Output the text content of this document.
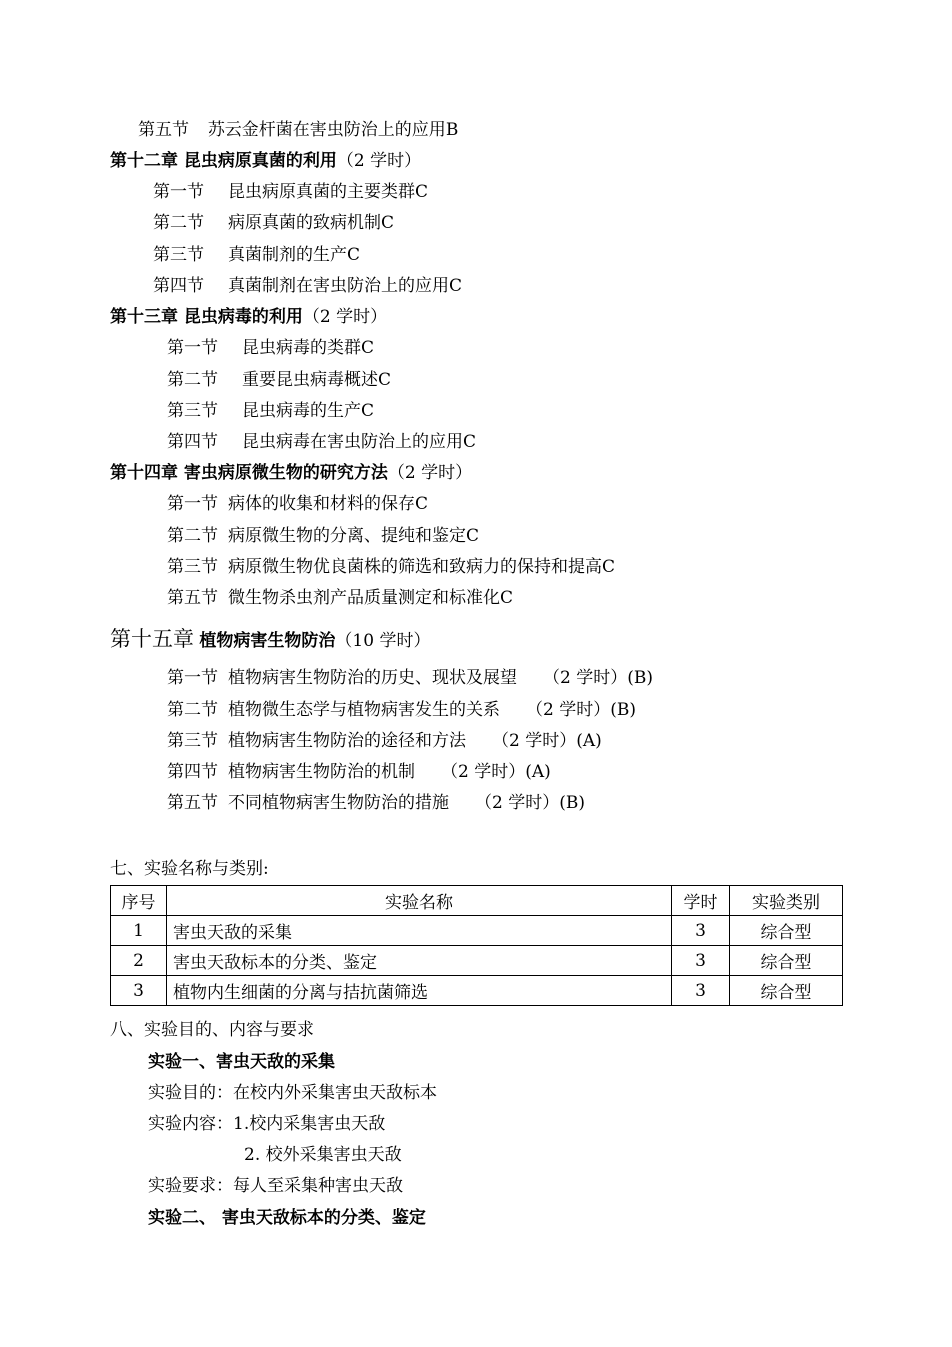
第五节 苏云金杆菌在害虫防治上的应用B
第十二章 昆虫病原真菌的利用（2 学时）
第一节 昆虫病原真菌的主要类群C
第二节 病原真菌的致病机制C
第三节 真菌制剂的生产C
第四节 真菌制剂在害虫防治上的应用C
第十三章 昆虫病毒的利用（2 学时）
第一节 昆虫病毒的类群C
第二节 重要昆虫病毒概述C
第三节 昆虫病毒的生产C
第四节 昆虫病毒在害虫防治上的应用C
第十四章 害虫病原微生物的研究方法（2 学时）
第一节 病体的收集和材料的保存C
第二节 病原微生物的分离、提纯和鉴定C
第三节 病原微生物优良菌株的筛选和致病力的保持和提高C
第五节 微生物杀虫剂产品质量测定和标准化C
第十五章 植物病害生物防治（10 学时）
第一节 植物病害生物防治的历史、现状及展望 （2 学时）(B)
第二节 植物微生态学与植物病害发生的关系 （2 学时）(B)
第三节 植物病害生物防治的途径和方法 （2 学时）(A)
第四节 植物病害生物防治的机制 （2 学时）(A)
第五节 不同植物病害生物防治的措施 （2 学时）(B)
七、实验名称与类别:
序号	实验名称	学时	实验类别
1	害虫天敌的采集	3	综合型
2	害虫天敌标本的分类、鉴定	3	综合型
3	植物内生细菌的分离与拮抗菌筛选	3	综合型
八、实验目的、内容与要求
实验一、害虫天敌的采集
实验目的：在校内外采集害虫天敌标本
实验内容：1.校内采集害虫天敌
2. 校外采集害虫天敌
实验要求：每人至采集种害虫天敌
实验二、 害虫天敌标本的分类、鉴定
